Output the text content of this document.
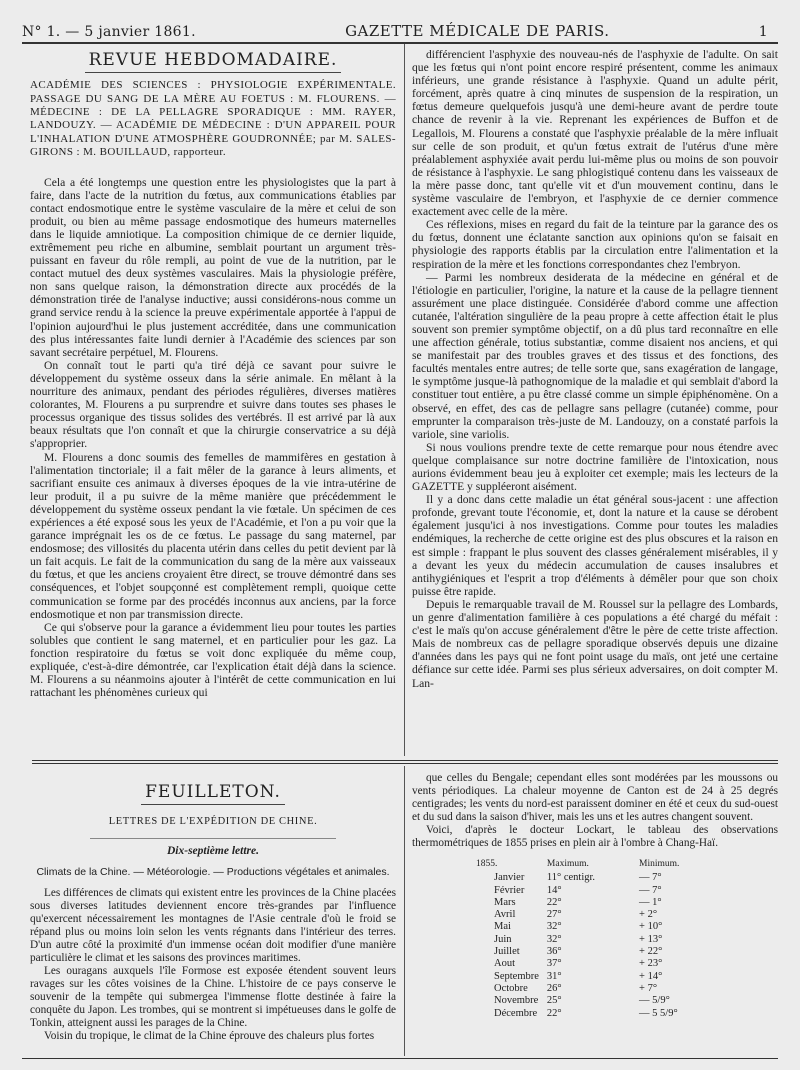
N° 1. — 5 janvier 1861.	GAZETTE MÉDICALE DE PARIS.	1
REVUE HEBDOMADAIRE.

ACADÉMIE DES SCIENCES : PHYSIOLOGIE EXPÉRIMENTALE. PASSAGE DU SANG DE LA MÈRE AU FOETUS : M. FLOURENS. — MÉDECINE : DE LA PELLAGRE SPORADIQUE : MM. RAYER, LANDOUZY. — ACADÉMIE DE MÉDECINE : D'UN APPAREIL POUR L'INHALATION D'UNE ATMOSPHÈRE GOUDRONNÉE; par M. SALES-GIRONS : M. BOUILLAUD, rapporteur.

Cela a été longtemps une question entre les physiologistes que la part à faire, dans l'acte de la nutrition du fœtus, aux communications établies par contact endosmotique entre le système vasculaire de la mère et celui de son produit, ou bien au même passage endosmotique des humeurs maternelles dans le liquide amniotique. La composition chimique de ce dernier liquide, extrêmement peu riche en albumine, semblait pourtant un argument très-puissant en faveur du rôle rempli, au point de vue de la nutrition, par le contact mutuel des deux systèmes vasculaires. Mais la physiologie préfère, non sans quelque raison, la démonstration directe aux procédés de la démonstration tirée de l'analyse inductive; aussi considérons-nous comme un grand service rendu à la science la preuve expérimentale apportée à l'appui de l'opinion aujourd'hui le plus justement accréditée, dans une communication des plus intéressantes faite lundi dernier à l'Académie des sciences par son savant secrétaire perpétuel, M. Flourens.

On connaît tout le parti qu'a tiré déjà ce savant pour suivre le développement du système osseux dans la série animale. En mêlant à la nourriture des animaux, pendant des périodes régulières, diverses matières colorantes, M. Flourens a pu surprendre et suivre dans toutes ses phases le processus organique des tissus solides des vertébrés. Il est arrivé par là aux beaux résultats que l'on connaît et que la chirurgie conservatrice a su déjà s'approprier.

M. Flourens a donc soumis des femelles de mammifères en gestation à l'alimentation tinctoriale; il a fait mêler de la garance à leurs aliments, et sacrifiant ensuite ces animaux à diverses époques de la vie intra-utérine de leur produit, il a pu suivre de la même manière que précédemment le développement du système osseux pendant la vie fœtale. Un spécimen de ces expériences a été exposé sous les yeux de l'Académie, et l'on a pu voir que la garance imprégnait les os de ce fœtus. Le passage du sang maternel, par endosmose; des villosités du placenta utérin dans celles du petit devient par là un fait acquis. Le fait de la communication du sang de la mère aux vaisseaux du fœtus, et que les anciens croyaient être direct, se trouve démontré dans ses conséquences, et l'objet soupçonné est complètement rempli, quoique cette communication se forme par des procédés inconnus aux anciens, par la force endosmotique et non par transmission directe.

Ce qui s'observe pour la garance a évidemment lieu pour toutes les parties solubles que contient le sang maternel, et en particulier pour les gaz. La fonction respiratoire du fœtus se voit donc expliquée du même coup, expliquée, c'est-à-dire démontrée, car l'explication était déjà dans la science. M. Flourens a su néanmoins ajouter à l'intérêt de cette communication en lui rattachant les phénomènes curieux qui

différencient l'asphyxie des nouveau-nés de l'asphyxie de l'adulte. On sait que les fœtus qui n'ont point encore respiré présentent, comme les animaux inférieurs, une grande résistance à l'asphyxie. Quand un adulte périt, forcément, après quatre à cinq minutes de suspension de la respiration, un fœtus demeure quelquefois jusqu'à une demi-heure avant de perdre toute chance de revenir à la vie. Reprenant les expériences de Buffon et de Legallois, M. Flourens a constaté que l'asphyxie préalable de la mère influait sur celle de son produit, et qu'un fœtus extrait de l'utérus d'une mère préalablement asphyxiée avait perdu lui-même plus ou moins de son pouvoir de résistance à l'asphyxie. Le sang phlogistiqué contenu dans les vaisseaux de la mère passe donc, tant qu'elle vit et d'un mouvement continu, dans le système vasculaire de l'embryon, et l'asphyxie de ce dernier commence exactement avec celle de la mère.

Ces réflexions, mises en regard du fait de la teinture par la garance des os du fœtus, donnent une éclatante sanction aux opinions qu'on se faisait en physiologie des rapports établis par la circulation entre l'alimentation et la respiration de la mère et les fonctions correspondantes chez l'embryon.

— Parmi les nombreux desiderata de la médecine en général et de l'étiologie en particulier, l'origine, la nature et la cause de la pellagre tiennent assurément une place distinguée. Considérée d'abord comme une affection cutanée, l'altération singulière de la peau propre à cette affection était le plus souvent son premier symptôme objectif, on a dû plus tard reconnaître en elle une affection générale, totius substantiæ, comme disaient nos anciens, et qui se manifestait par des troubles graves et des tissus et des fonctions, des facultés mentales entre autres; de telle sorte que, sans exagération de langage, le symptôme jusque-là pathognomique de la maladie et qui semblait d'abord la constituer tout entière, a pu être classé comme un simple épiphénomène. On a observé, en effet, des cas de pellagre sans pellagre (cutanée) comme, pour emprunter la comparaison très-juste de M. Landouzy, on a constaté parfois la variole, sine variolis.

Si nous voulions prendre texte de cette remarque pour nous étendre avec quelque complaisance sur notre doctrine familière de l'intoxication, nous aurions évidemment beau jeu à exploiter cet exemple; mais les lecteurs de la GAZETTE y suppléeront aisément.

Il y a donc dans cette maladie un état général sous-jacent : une affection profonde, grevant toute l'économie, et, dont la nature et la cause se dérobent également jusqu'ici à nos investigations. Comme pour toutes les maladies endémiques, la recherche de cette origine est des plus obscures et la raison en est simple : frappant le plus souvent des classes généralement misérables, il y a devant les yeux du médecin accumulation de causes insalubres et antihygiéniques et l'esprit a trop d'éléments à démêler pour que son choix puisse être rapide.

Depuis le remarquable travail de M. Roussel sur la pellagre des Lombards, un genre d'alimentation familière à ces populations a été chargé du méfait : c'est le maïs qu'on accuse généralement d'être le père de cette triste affection. Mais de nombreux cas de pellagre sporadique observés depuis une dizaine d'années dans les pays qui ne font point usage du maïs, ont jeté une certaine défiance sur cette idée. Parmi ses plus sérieux adversaires, on doit compter M. Lan-

FEUILLETON.
LETTRES DE L'EXPÉDITION DE CHINE.
Dix-septième lettre.
Climats de la Chine. — Météorologie. — Productions végétales et animales.

Les différences de climats qui existent entre les provinces de la Chine placées sous diverses latitudes deviennent encore très-grandes par l'influence qu'exercent nécessairement les montagnes de l'Asie centrale d'où le froid se répand plus ou moins loin selon les vents régnants dans l'intérieur des terres. D'un autre côté la proximité d'un immense océan doit modifier d'une manière particulière le climat et les saisons des provinces maritimes.

Les ouragans auxquels l'île Formose est exposée étendent souvent leurs ravages sur les côtes voisines de la Chine. L'histoire de ce pays conserve le souvenir de la tempête qui submergea l'immense flotte destinée à faire la conquête du Japon. Les trombes, qui se montrent si impétueuses dans le golfe de Tonkin, atteignent aussi les parages de la Chine.

Voisin du tropique, le climat de la Chine éprouve des chaleurs plus fortes

que celles du Bengale; cependant elles sont modérées par les moussons ou vents périodiques. La chaleur moyenne de Canton est de 24 à 25 degrés centigrades; les vents du nord-est paraissent dominer en été et ceux du sud-ouest et du sud dans la saison d'hiver, mais les uns et les autres changent souvent.

Voici, d'après le docteur Lockart, le tableau des observations thermométriques de 1855 prises en plein air à l'ombre à Chang-Haï.

1855.	Maximum.	Minimum.
Janvier	11° centigr.	— 7°
Février	14°	— 7°
Mars	22°	— 1°
Avril	27°	+ 2°
Mai	32°	+ 10°
Juin	32°	+ 13°
Juillet	36°	+ 22°
Aout	37°	+ 23°
Septembre	31°	+ 14°
Octobre	26°	+ 7°
Novembre	25°	— 5/9°
Décembre	22°	— 5 5/9°
